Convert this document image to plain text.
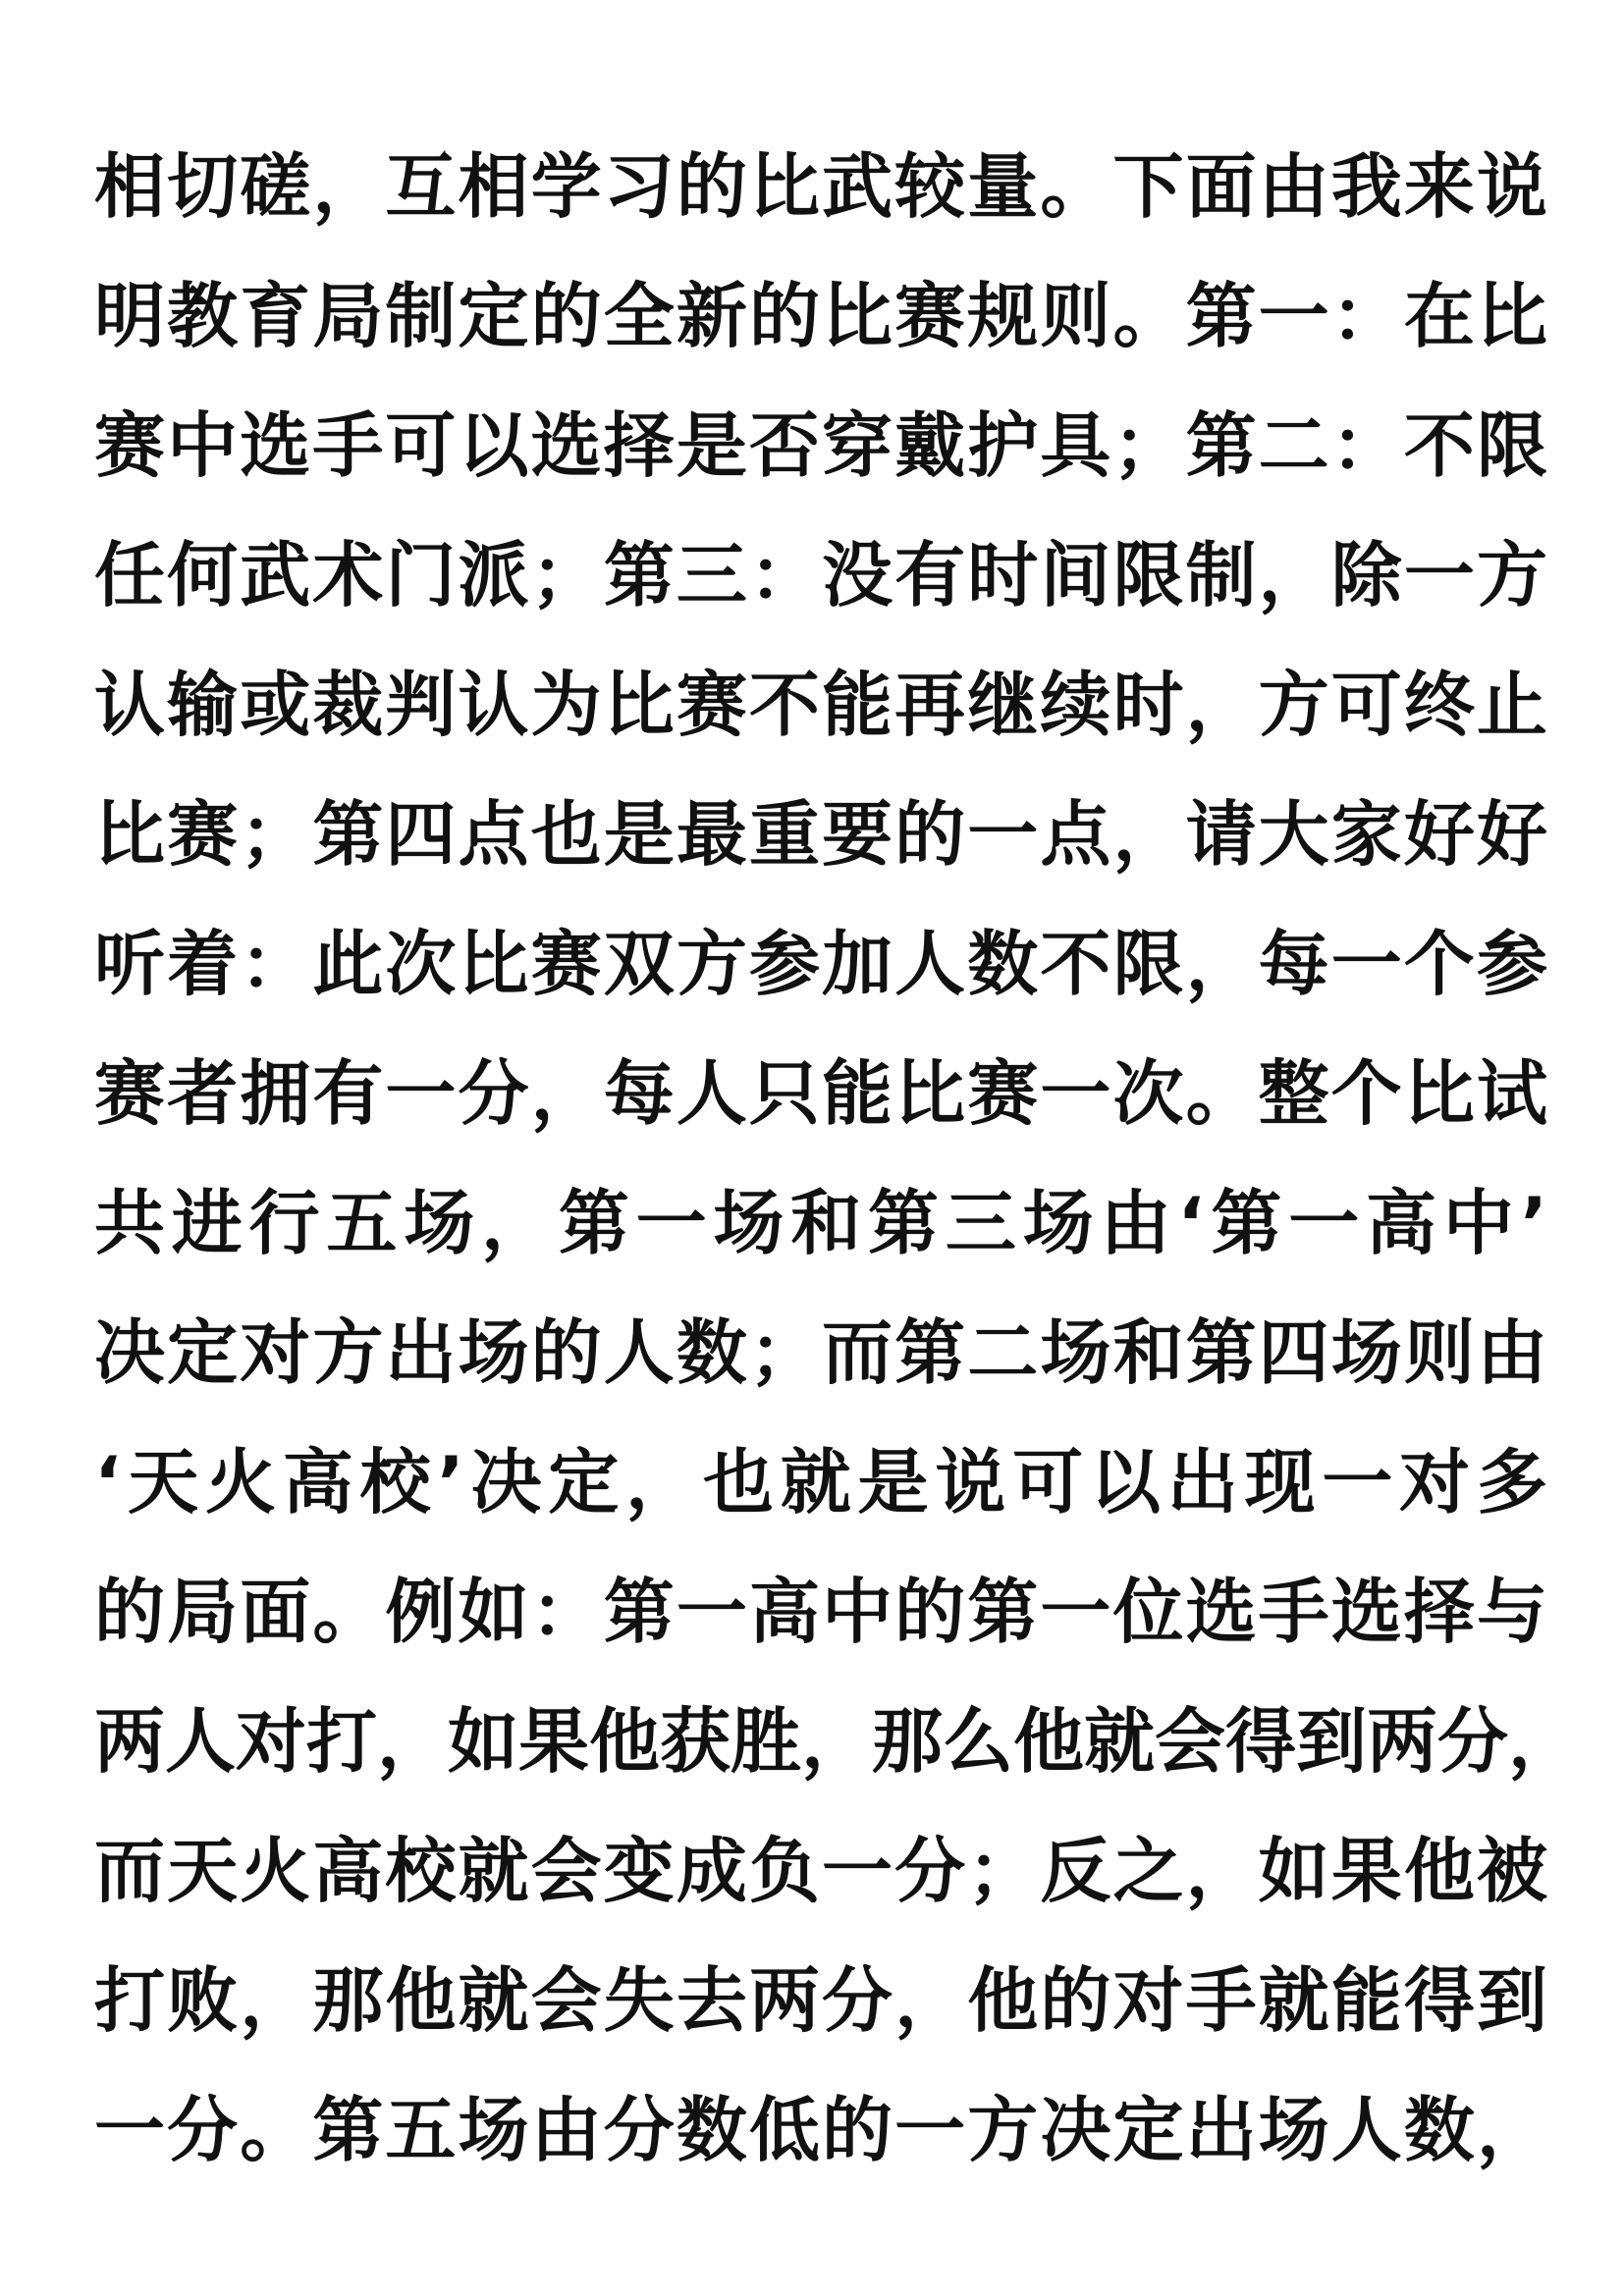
相切磋，互相学习的比武较量。下面由我来说
明教育局制定的全新的比赛规则。第一：在比
赛中选手可以选择是否穿戴护具；第二：不限
任何武术门派；第三：没有时间限制，除一方
认输或裁判认为比赛不能再继续时，方可终止
比赛；第四点也是最重要的一点，请大家好好
听着：此次比赛双方参加人数不限，每一个参
赛者拥有一分，每人只能比赛一次。整个比试
共进行五场，第一场和第三场由‘第一高中’
决定对方出场的人数；而第二场和第四场则由
‘天火高校’决定，也就是说可以出现一对多
的局面。例如：第一高中的第一位选手选择与
两人对打，如果他获胜，那么他就会得到两分，
而天火高校就会变成负一分；反之，如果他被
打败，那他就会失去两分，他的对手就能得到
一分。第五场由分数低的一方决定出场人数，
